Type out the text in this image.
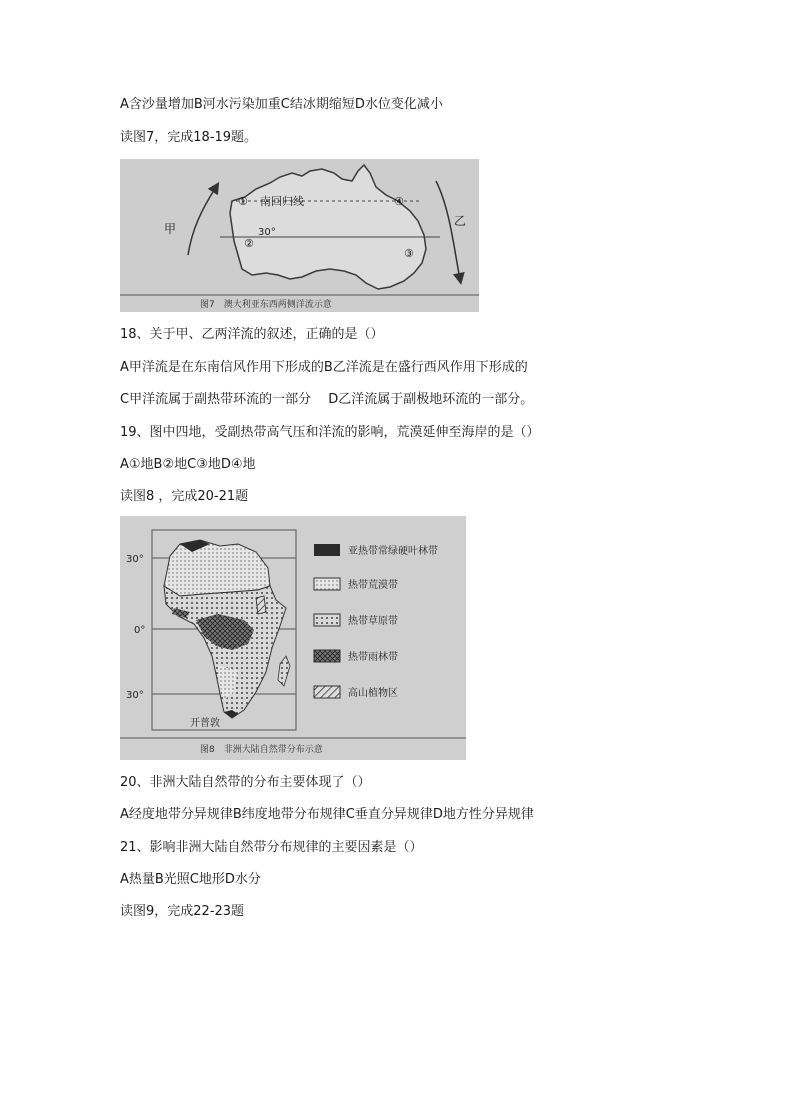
A含沙量增加B河水污染加重C结冰期缩短D水位变化减小
读图7，完成18-19题。
南回归线
30°
①
②
③
④
甲
乙
图7　澳大利亚东西两侧洋流示意
18、关于甲、乙两洋流的叙述，正确的是（）
A甲洋流是在东南信风作用下形成的B乙洋流是在盛行西风作用下形成的
C甲洋流属于副热带环流的一部分　 D乙洋流属于副极地环流的一部分。
19、图中四地，受副热带高气压和洋流的影响，荒漠延伸至海岸的是（）
A①地B②地C③地D④地
读图8 ，完成20-21题
30°
0°
30°
开普敦
亚热带常绿硬叶林带
热带荒漠带
热带草原带
热带雨林带
高山植物区
图8　非洲大陆自然带分布示意
20、非洲大陆自然带的分布主要体现了（）
A经度地带分异规律B纬度地带分布规律C垂直分异规律D地方性分异规律
21、影响非洲大陆自然带分布规律的主要因素是（）
A热量B光照C地形D水分
读图9，完成22-23题
